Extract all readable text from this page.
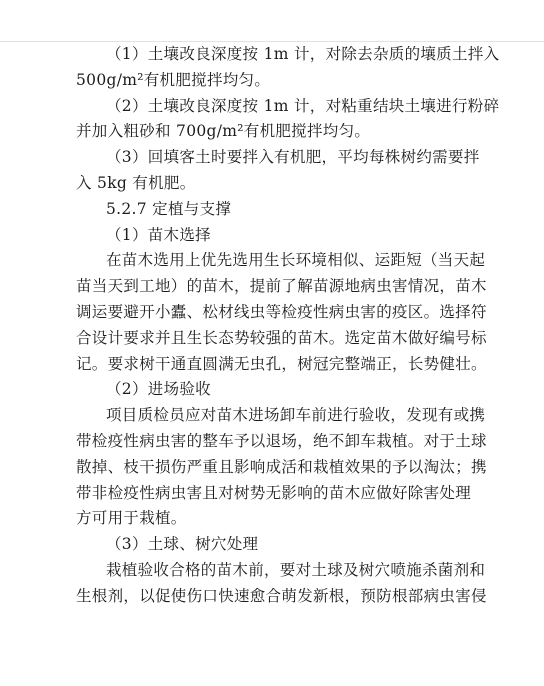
（1）土壤改良深度按 1m 计，对除去杂质的壤质土拌入
500g/m²有机肥搅拌均匀。
（2）土壤改良深度按 1m 计，对粘重结块土壤进行粉碎
并加入粗砂和 700g/m²有机肥搅拌均匀。
（3）回填客土时要拌入有机肥，平均每株树约需要拌
入 5kg 有机肥。
5.2.7 定植与支撑
（1）苗木选择
在苗木选用上优先选用生长环境相似、运距短（当天起
苗当天到工地）的苗木，提前了解苗源地病虫害情况，苗木
调运要避开小蠹、松材线虫等检疫性病虫害的疫区。选择符
合设计要求并且生长态势较强的苗木。选定苗木做好编号标
记。要求树干通直圆满无虫孔，树冠完整端正，长势健壮。
（2）进场验收
项目质检员应对苗木进场卸车前进行验收，发现有或携
带检疫性病虫害的整车予以退场，绝不卸车栽植。对于土球
散掉、枝干损伤严重且影响成活和栽植效果的予以淘汰；携
带非检疫性病虫害且对树势无影响的苗木应做好除害处理
方可用于栽植。
（3）土球、树穴处理
栽植验收合格的苗木前，要对土球及树穴喷施杀菌剂和
生根剂，以促使伤口快速愈合萌发新根，预防根部病虫害侵
